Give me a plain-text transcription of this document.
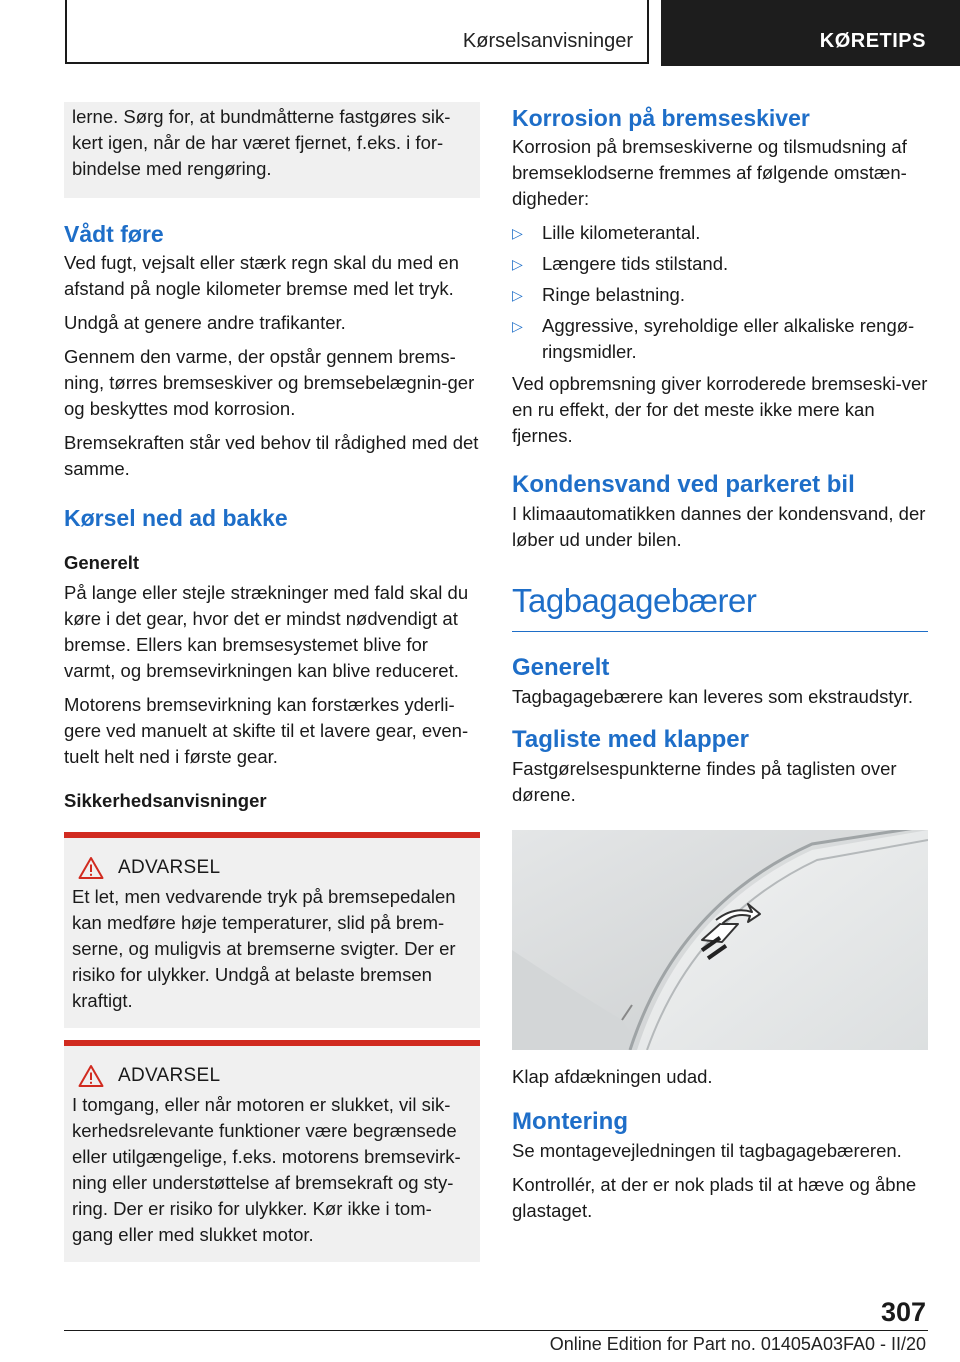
Kørselsanvisninger	KØRETIPS

lerne. Sørg for, at bundmåtterne fastgøres sik-kert igen, når de har været fjernet, f.eks. i for-bindelse med rengøring.

Vådt føre

Ved fugt, vejsalt eller stærk regn skal du med en afstand på nogle kilometer bremse med let tryk.

Undgå at genere andre trafikanter.

Gennem den varme, der opstår gennem brems-ning, tørres bremseskiver og bremsebelægnin-ger og beskyttes mod korrosion.

Bremsekraften står ved behov til rådighed med det samme.

Kørsel ned ad bakke
Generelt

På lange eller stejle strækninger med fald skal du køre i det gear, hvor det er mindst nødvendigt at bremse. Ellers kan bremsesystemet blive for varmt, og bremsevirkningen kan blive reduceret.

Motorens bremsevirkning kan forstærkes yderli-gere ved manuelt at skifte til et lavere gear, even-tuelt helt ned i første gear.

Sikkerhedsanvisninger
ADVARSEL

Et let, men vedvarende tryk på bremsepedalen kan medføre høje temperaturer, slid på brem-serne, og muligvis at bremserne svigter. Der er risiko for ulykker. Undgå at belaste bremsen kraftigt.

ADVARSEL

I tomgang, eller når motoren er slukket, vil sik-kerhedsrelevante funktioner være begrænsede eller utilgængelige, f.eks. motorens bremsevirk-ning eller understøttelse af bremsekraft og sty-ring. Der er risiko for ulykker. Kør ikke i tom-gang eller med slukket motor.

Korrosion på bremseskiver

Korrosion på bremseskiverne og tilsmudsning af bremseklodserne fremmes af følgende omstæn-digheder:

▷	Lille kilometerantal.
▷	Længere tids stilstand.
▷	Ringe belastning.
▷	Aggressive, syreholdige eller alkaliske rengø-ringsmidler.

Ved opbremsning giver korroderede bremseski-ver en ru effekt, der for det meste ikke mere kan fjernes.

Kondensvand ved parkeret bil

I klimaautomatikken dannes der kondensvand, der løber ud under bilen.

Tagbagagebærer
Generelt

Tagbagagebærere kan leveres som ekstraudstyr.

Tagliste med klapper

Fastgørelsespunkterne findes på taglisten over dørene.

Klap afdækningen udad.

Montering

Se montagevejledningen til tagbagagebæreren.

Kontrollér, at der er nok plads til at hæve og åbne glastaget.

307
Online Edition for Part no. 01405A03FA0 - II/20
